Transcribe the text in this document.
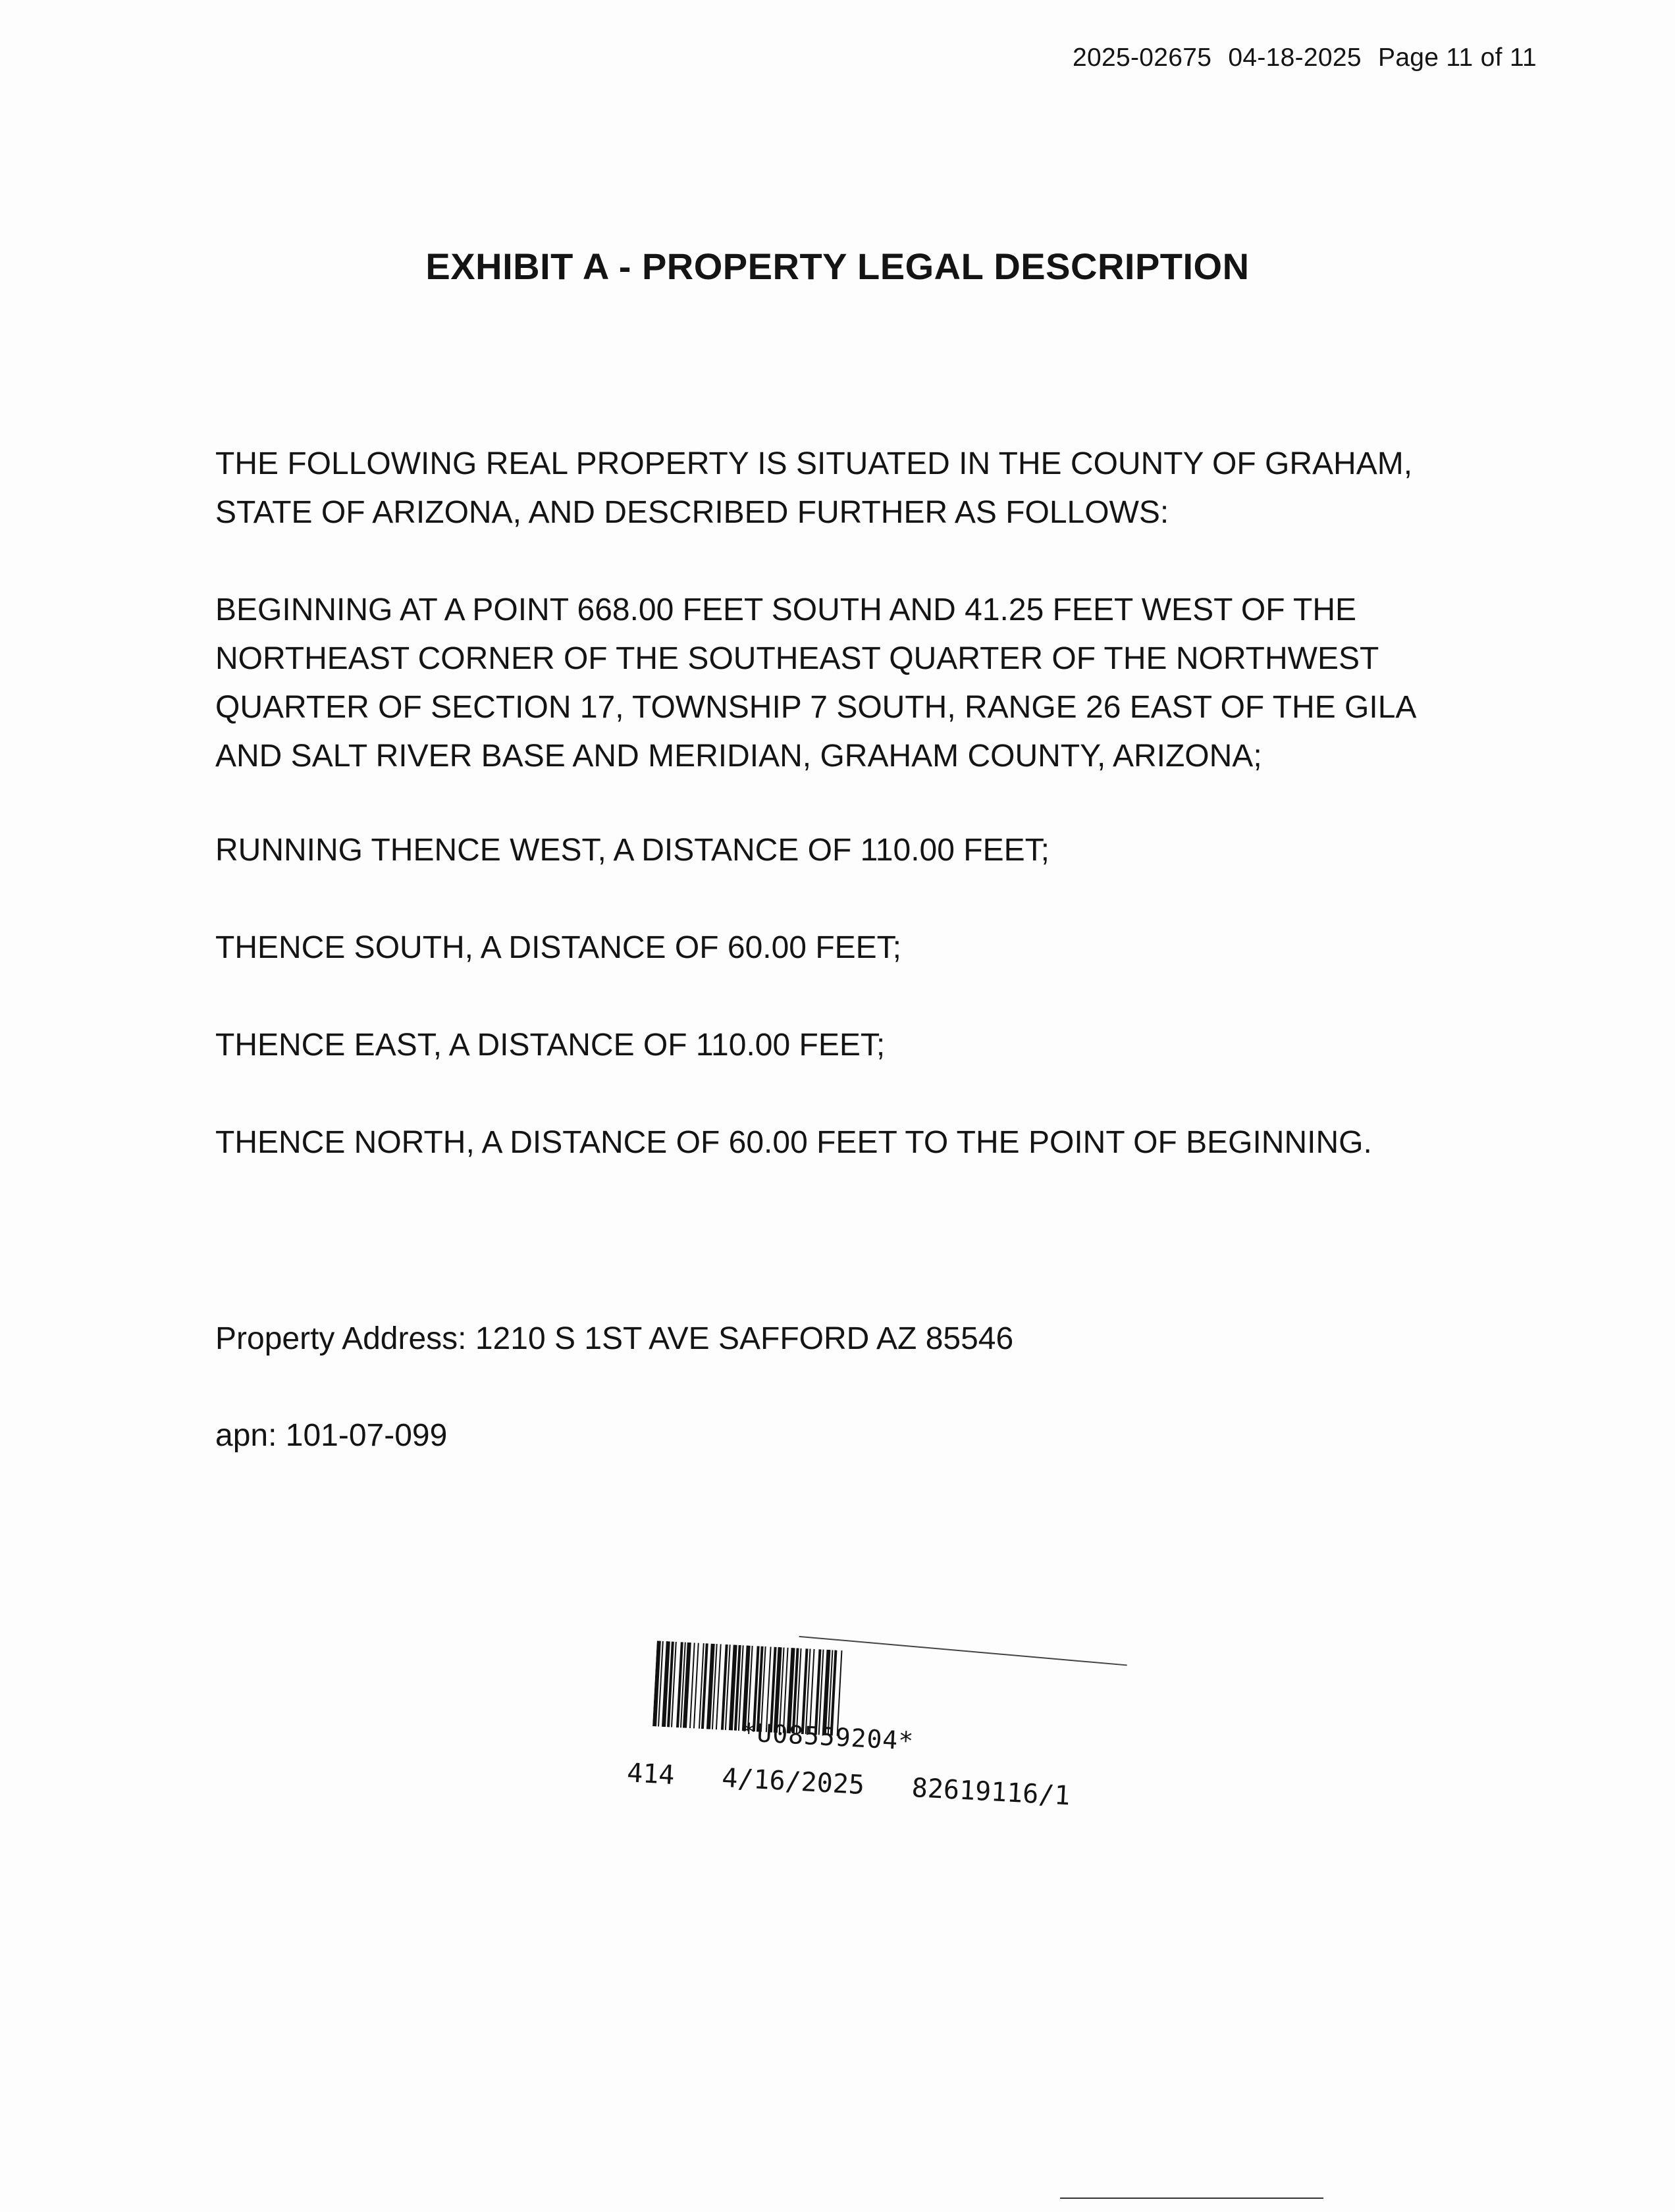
2025-02675 04-18-2025 Page 11 of 11
EXHIBIT A - PROPERTY LEGAL DESCRIPTION

THE FOLLOWING REAL PROPERTY IS SITUATED IN THE COUNTY OF GRAHAM,
STATE OF ARIZONA, AND DESCRIBED FURTHER AS FOLLOWS:

BEGINNING AT A POINT 668.00 FEET SOUTH AND 41.25 FEET WEST OF THE
NORTHEAST CORNER OF THE SOUTHEAST QUARTER OF THE NORTHWEST
QUARTER OF SECTION 17, TOWNSHIP 7 SOUTH, RANGE 26 EAST OF THE GILA
AND SALT RIVER BASE AND MERIDIAN, GRAHAM COUNTY, ARIZONA;

RUNNING THENCE WEST, A DISTANCE OF 110.00 FEET;

THENCE SOUTH, A DISTANCE OF 60.00 FEET;

THENCE EAST, A DISTANCE OF 110.00 FEET;

THENCE NORTH, A DISTANCE OF 60.00 FEET TO THE POINT OF BEGINNING.

Property Address: 1210 S 1ST AVE SAFFORD AZ 85546
apn: 101-07-099
*U08559204*
414 4/16/2025 82619116/1
